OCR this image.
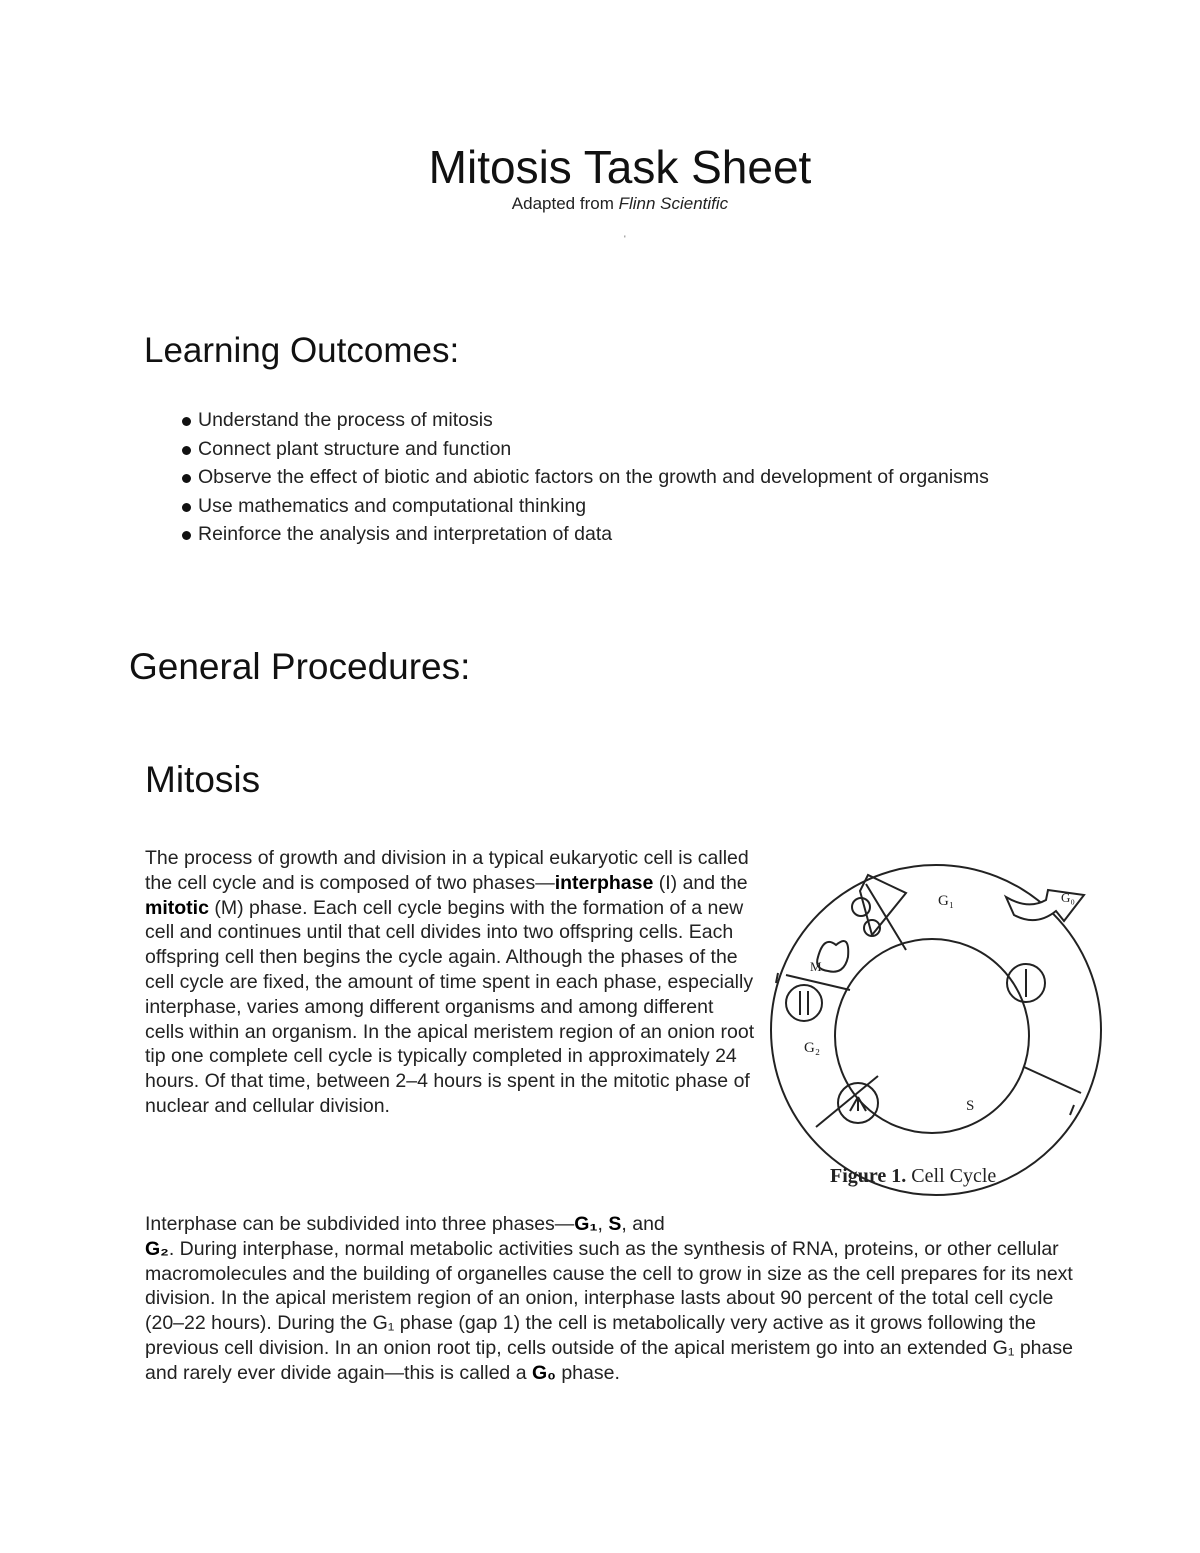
Mitosis Task Sheet
Adapted from Flinn Scientific
'
Learning Outcomes:
Understand the process of mitosis
Connect plant structure and function
Observe the effect of biotic and abiotic factors on the growth and development of organisms
Use mathematics and computational thinking
Reinforce the analysis and interpretation of data
General Procedures:
Mitosis
The process of growth and division in a typical eukaryotic cell is called the cell cycle and is composed of two phases—interphase (I) and the mitotic (M) phase. Each cell cycle begins with the formation of a new cell and continues until that cell divides into two offspring cells. Each offspring cell then begins the cycle again. Although the phases of the cell cycle are fixed, the amount of time spent in each phase, especially interphase, varies among different organisms and among different cells within an organism. In the apical meristem region of an onion root tip one complete cell cycle is typically completed in approximately 24 hours. Of that time, between 2–4 hours is spent in the mitotic phase of nuclear and cellular division.
G₁	G₀
M
G₂
S
Figure 1. Cell Cycle
Interphase can be subdivided into three phases—G₁, S, and
G₂. During interphase, normal metabolic activities such as the synthesis of RNA, proteins, or other cellular macromolecules and the building of organelles cause the cell to grow in size as the cell prepares for its next division. In the apical meristem region of an onion, interphase lasts about 90 percent of the total cell cycle (20–22 hours). During the G₁ phase (gap 1) the cell is metabolically very active as it grows following the previous cell division. In an onion root tip, cells outside of the apical meristem go into an extended G₁ phase and rarely ever divide again—this is called a G₀ phase.
